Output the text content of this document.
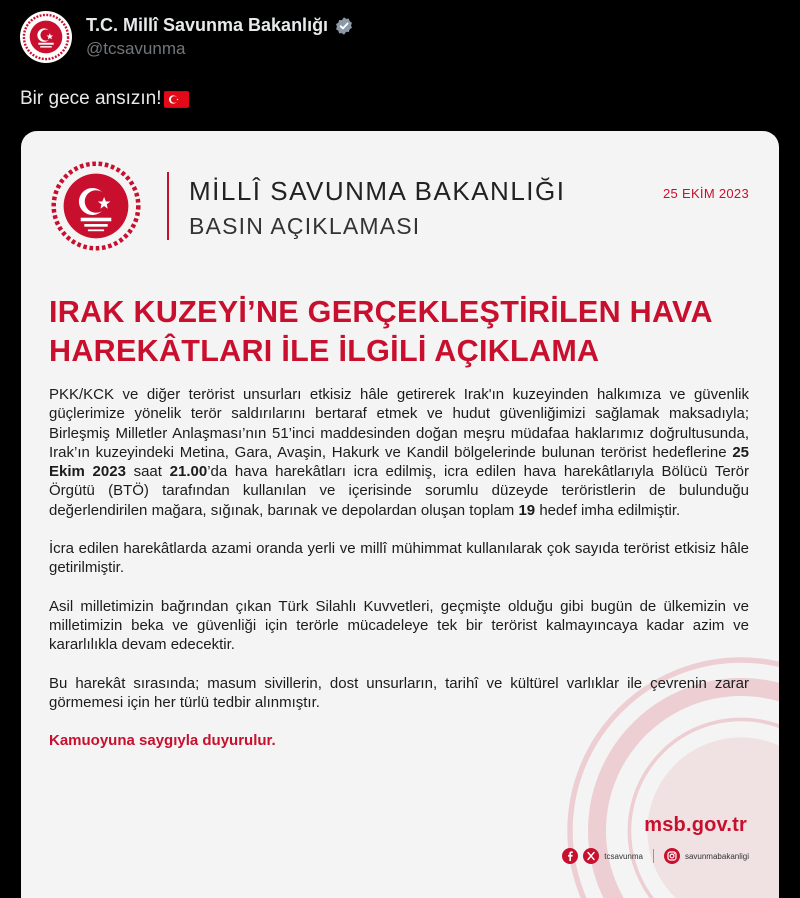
T.C. Millî Savunma Bakanlığı
@tcsavunma
Bir gece ansızın!
MİLLÎ SAVUNMA BAKANLIĞI
BASIN AÇIKLAMASI
25 EKİM 2023
IRAK KUZEYİ’NE GERÇEKLEŞTİRİLEN HAVA
HAREKÂTLARI İLE İLGİLİ AÇIKLAMA

PKK/KCK ve diğer terörist unsurları etkisiz hâle getirerek Irak'ın kuzeyinden halkımıza ve güvenlik güçlerimize yönelik terör saldırılarını bertaraf etmek ve hudut güvenliğimizi sağlamak maksadıyla; Birleşmiş Milletler Anlaşması’nın 51’inci maddesinden doğan meşru müdafaa haklarımız doğrultusunda, Irak’ın kuzeyindeki Metina, Gara, Avaşin, Hakurk ve Kandil bölgelerinde bulunan terörist hedeflerine 25 Ekim 2023 saat 21.00’da hava harekâtları icra edilmiş, icra edilen hava harekâtlarıyla Bölücü Terör Örgütü (BTÖ) tarafından kullanılan ve içerisinde sorumlu düzeyde teröristlerin de bulunduğu değerlendirilen mağara, sığınak, barınak ve depolardan oluşan toplam 19 hedef imha edilmiştir.

İcra edilen harekâtlarda azami oranda yerli ve millî mühimmat kullanılarak çok sayıda terörist etkisiz hâle getirilmiştir.

Asil milletimizin bağrından çıkan Türk Silahlı Kuvvetleri, geçmişte olduğu gibi bugün de ülkemizin ve milletimizin beka ve güvenliği için terörle mücadeleye tek bir terörist kalmayıncaya kadar azim ve kararlılıkla devam edecektir.

Bu harekât sırasında; masum sivillerin, dost unsurların, tarihî ve kültürel varlıklar ile çevrenin zarar görmemesi için her türlü tedbir alınmıştır.

Kamuoyuna saygıyla duyurulur.

msb.gov.tr
tcsavunma	savunmabakanligi
